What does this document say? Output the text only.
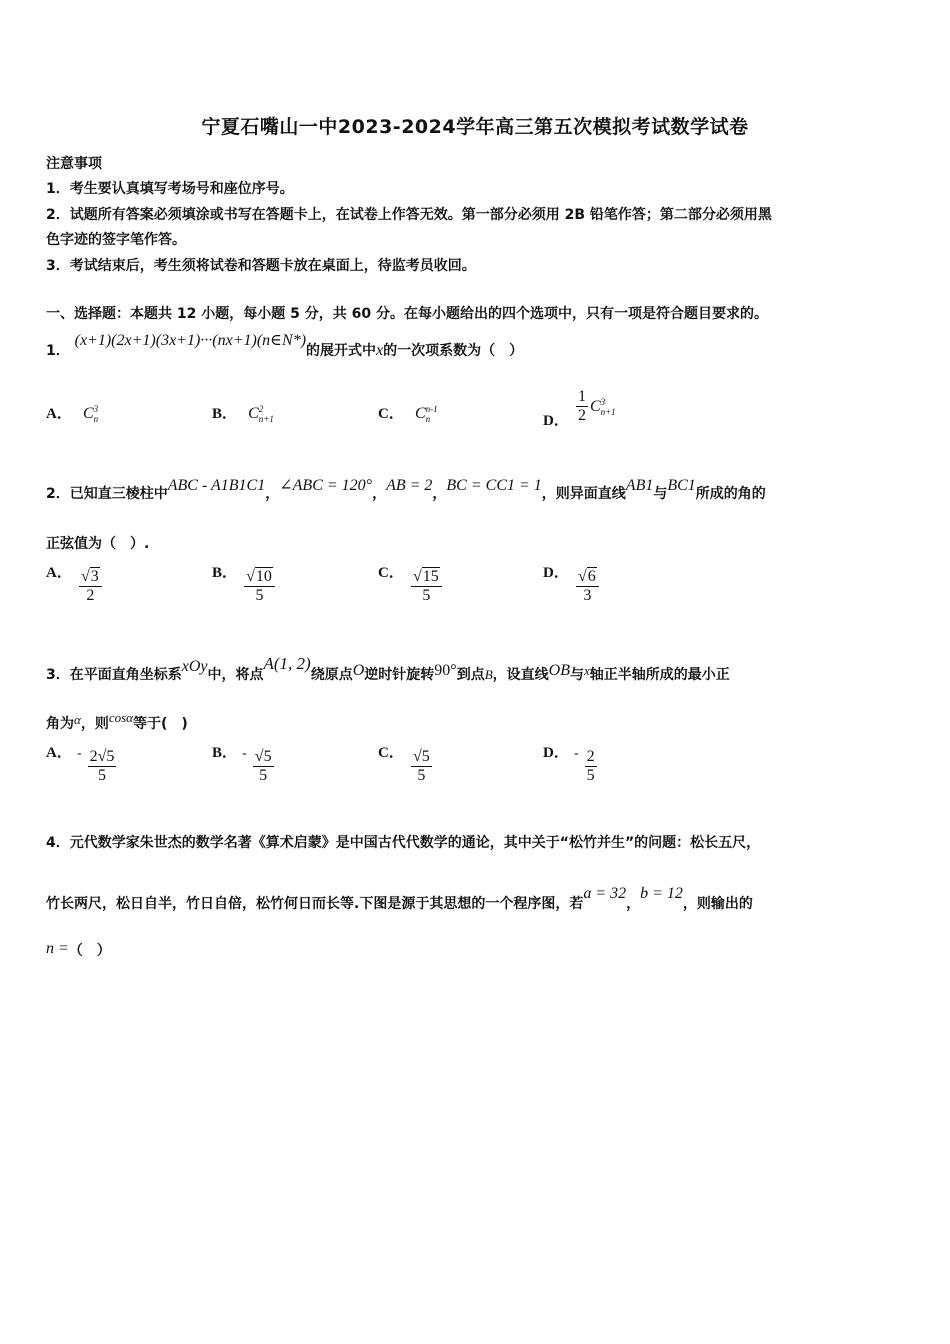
宁夏石嘴山一中2023-2024学年高三第五次模拟考试数学试卷
注意事项
1．考生要认真填写考场号和座位序号。
2．试题所有答案必须填涂或书写在答题卡上，在试卷上作答无效。第一部分必须用 2B 铅笔作答；第二部分必须用黑
色字迹的签字笔作答。
3．考试结束后，考生须将试卷和答题卡放在桌面上，待监考员收回。
一、选择题：本题共 12 小题，每小题 5 分，共 60 分。在每小题给出的四个选项中，只有一项是符合题目要求的。
1． (x+1)(2x+1)(3x+1)···(nx+1)(n∈N*)的展开式中x的一次项系数为（　）
A． C 3
n	B． C 2
n+1	C． C n-1
n	D． $\frac{1}{2}$ C 3
n+1
2．已知直三棱柱中ABC - A1B1C1，∠ABC = 120°，AB = 2，BC = CC1 = 1，则异面直线AB1与BC1所成的角的
正弦值为（　）.
A． $\frac{√3}{2}$	B． $\frac{√10}{5}$	C． $\frac{√15}{5}$	D． $\frac{√6}{3}$
3．在平面直角坐标系xOy中，将点A(1, 2)绕原点O逆时针旋转90°到点B，设直线OB与x轴正半轴所成的最小正
角为α，则cosα等于(　)
A． - $\frac{2√5}{5}$	B． - $\frac{√5}{5}$	C． $\frac{√5}{5}$	D． - $\frac{2}{5}$
4．元代数学家朱世杰的数学名著《算术启蒙》是中国古代代数学的通论，其中关于“松竹并生”的问题：松长五尺，
竹长两尺，松日自半，竹日自倍，松竹何日而长等.下图是源于其思想的一个程序图，若a = 32，b = 12，则输出的
n =（　）
